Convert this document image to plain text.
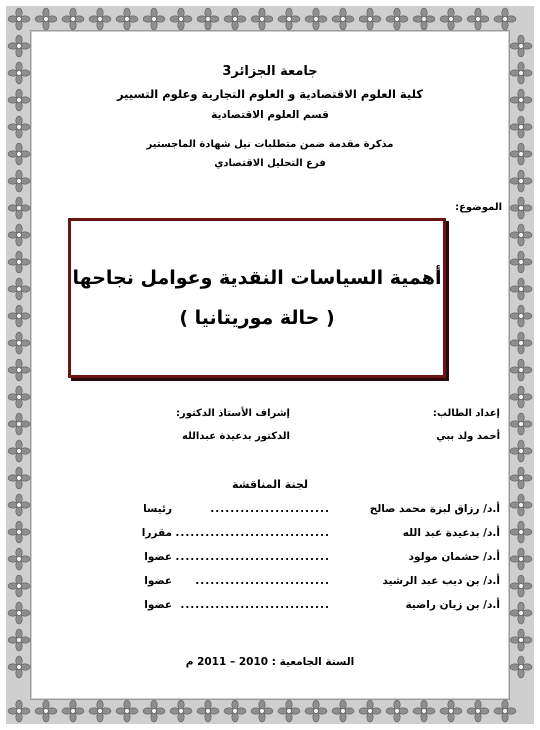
جامعة الجزائر3
كلية العلوم الاقتصادية و العلوم التجارية وعلوم التسيير
قسم العلوم الاقتصادية
مذكرة مقدمة ضمن متطلبات نيل شهادة الماجستير
فرع التحليل الاقتصادي
الموضوع:
أهمية السياسات النقدية وعوامل نجاحها
( حالة موريتانيا )
إعداد الطالب:
أحمد ولد ببي
إشراف الأستاذ الدكتور:
الدكتور بدعيدة عبدالله
لجنة المناقشة
أ.د/ رزاق لبزة محمد صالح
........................
رئيسا
أ.د/ بدعيدة عبد الله
...............................
مقررا
أ.د/ حشمان مولود
...............................
عضوا
أ.د/ بن ديب عبد الرشيد
...........................
عضوا
أ.د/ بن زيان راضية
..............................
عضوا
السنة الجامعية : 2010 – 2011 م
